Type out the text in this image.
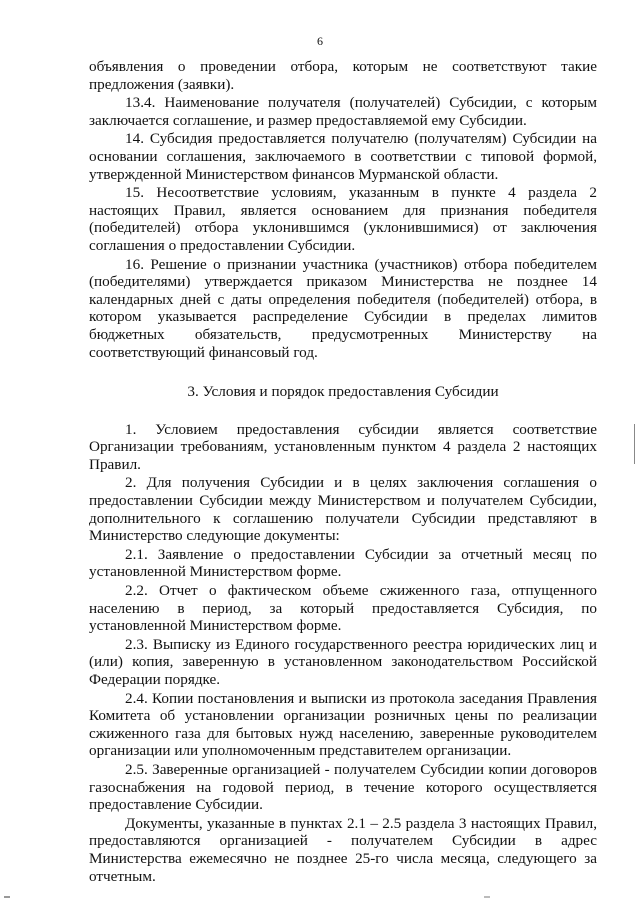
6

объявления о проведении отбора, которым не соответствуют такие предложения (заявки).

13.4. Наименование получателя (получателей) Субсидии, с которым заключается соглашение, и размер предоставляемой ему Субсидии.

14. Субсидия предоставляется получателю (получателям) Субсидии на основании соглашения, заключаемого в соответствии с типовой формой, утвержденной Министерством финансов Мурманской области.

15. Несоответствие условиям, указанным в пункте 4 раздела 2 настоящих Правил, является основанием для признания победителя (победителей) отбора уклонившимся (уклонившимися) от заключения соглашения о предоставлении Субсидии.

16. Решение о признании участника (участников) отбора победителем (победителями) утверждается приказом Министерства не позднее 14 календарных дней с даты определения победителя (победителей) отбора, в котором указывается распределение Субсидии в пределах лимитов бюджетных обязательств, предусмотренных Министерству на соответствующий финансовый год.

3. Условия и порядок предоставления Субсидии

1. Условием предоставления субсидии является соответствие Организации требованиям, установленным пунктом 4 раздела 2 настоящих Правил.

2. Для получения Субсидии и в целях заключения соглашения о предоставлении Субсидии между Министерством и получателем Субсидии, дополнительного к соглашению получатели Субсидии представляют в Министерство следующие документы:

2.1. Заявление о предоставлении Субсидии за отчетный месяц по установленной Министерством форме.

2.2. Отчет о фактическом объеме сжиженного газа, отпущенного населению в период, за который предоставляется Субсидия, по установленной Министерством форме.

2.3. Выписку из Единого государственного реестра юридических лиц и (или) копия, заверенную в установленном законодательством Российской Федерации порядке.

2.4. Копии постановления и выписки из протокола заседания Правления Комитета об установлении организации розничных цены по реализации сжиженного газа для бытовых нужд населению, заверенные руководителем организации или уполномоченным представителем организации.

2.5. Заверенные организацией - получателем Субсидии копии договоров газоснабжения на годовой период, в течение которого осуществляется предоставление Субсидии.

Документы, указанные в пунктах 2.1 – 2.5 раздела 3 настоящих Правил, предоставляются организацией - получателем Субсидии в адрес Министерства ежемесячно не позднее 25-го числа месяца, следующего за отчетным.
